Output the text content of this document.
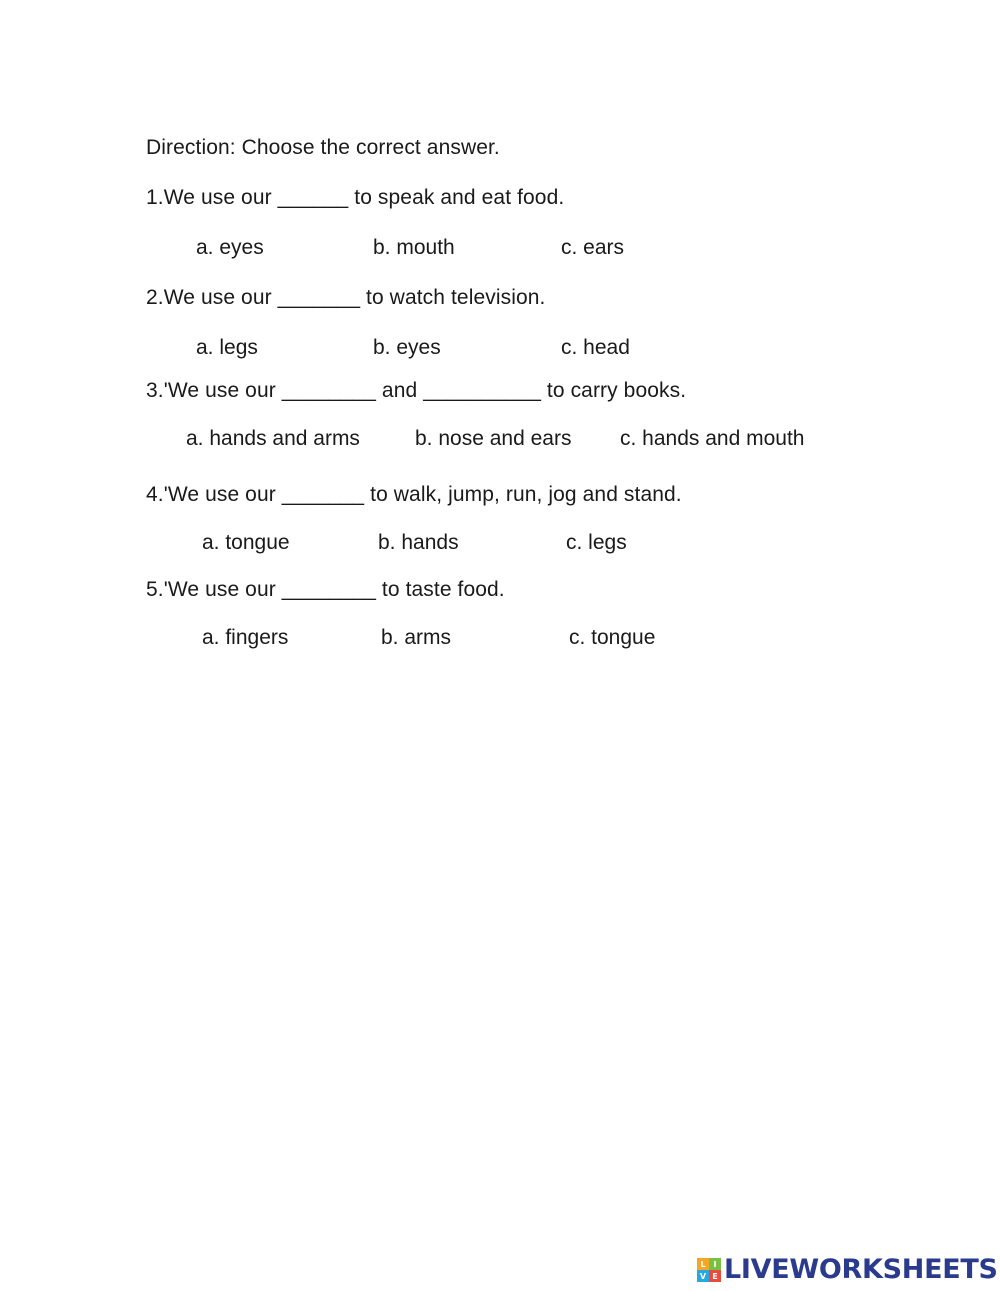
Direction: Choose the correct answer.
1.We use our ______ to speak and eat food.
a. eyes	b. mouth	c. ears
2.We use our _______ to watch television.
a. legs	b. eyes	c. head
3.'We use our ________ and __________ to carry books.
a. hands and arms	b. nose and ears c. hands and mouth
4.'We use our _______ to walk, jump, run, jog and stand.
a. tongue	b. hands	c. legs
5.'We use our ________ to taste food.
a. fingers	b. arms	c. tongue
L I
V E LIVEWORKSHEETS
